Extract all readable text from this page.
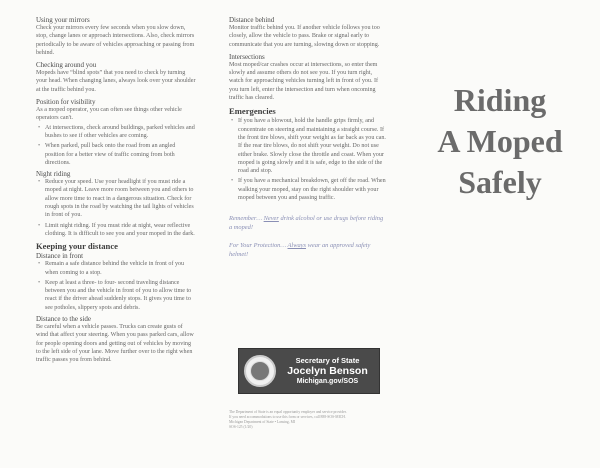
Using your mirrors
Check your mirrors every few seconds when you slow down, stop, change lanes or approach intersections. Also, check mirrors periodically to be aware of vehicles approaching or passing from behind.
Checking around you
Mopeds have “blind spots” that you need to check by turning your head. When changing lanes, always look over your shoulder at the traffic behind you.
Position for visibility
As a moped operator, you can often see things other vehicle operators can't.
• At intersections, check around buildings, parked vehicles and bushes to see if other vehicles are coming.
• When parked, pull back onto the road from an angled position for a better view of traffic coming from both directions.
Night riding
• Reduce your speed. Use your headlight if you must ride a moped at night. Leave more room between you and others to allow more time to react in a dangerous situation. Check for rough spots in the road by watching the tail lights of vehicles in front of you.
• Limit night riding. If you must ride at night, wear reflective clothing. It is difficult to see you and your moped in the dark.
Keeping your distance
Distance in front
• Remain a safe distance behind the vehicle in front of you when coming to a stop.
• Keep at least a three- to four- second traveling distance between you and the vehicle in front of you to allow time to react if the driver ahead suddenly stops. It gives you time to see potholes, slippery spots and debris.
Distance to the side
Be careful when a vehicle passes. Trucks can create gusts of wind that affect your steering. When you pass parked cars, allow for people opening doors and getting out of vehicles by moving to the left side of your lane. Move further over to the right when traffic passes you from behind.
Distance behind
Monitor traffic behind you. If another vehicle follows you too closely, allow the vehicle to pass. Brake or signal early to communicate that you are turning, slowing down or stopping.
Intersections
Most moped/car crashes occur at intersections, so enter them slowly and assume others do not see you. If you turn right, watch for approaching vehicles turning left in front of you. If you turn left, enter the intersection and turn when oncoming traffic has cleared.
Emergencies
• If you have a blowout, hold the handle grips firmly, and concentrate on steering and maintaining a straight course. If the front tire blows, shift your weight as far back as you can. If the rear tire blows, do not shift your weight. Do not use either brake. Slowly close the throttle and coast. When your moped is going slowly and it is safe, edge to the side of the road and stop.
• If you have a mechanical breakdown, get off the road. When walking your moped, stay on the right shoulder with your moped between you and passing traffic.
Remember… Never drink alcohol or use drugs before riding a moped!
For Your Protection… Always wear an approved safety helmet!
Secretary of State
Jocelyn Benson
Michigan.gov/SOS
The Department of State is an equal opportunity employer and service provider.
If you need accommodations to use this form or services, call 888-SOS-MICH.
Michigan Department of State • Lansing, MI
SOS-125 (1/20)
Riding
A Moped
Safely
